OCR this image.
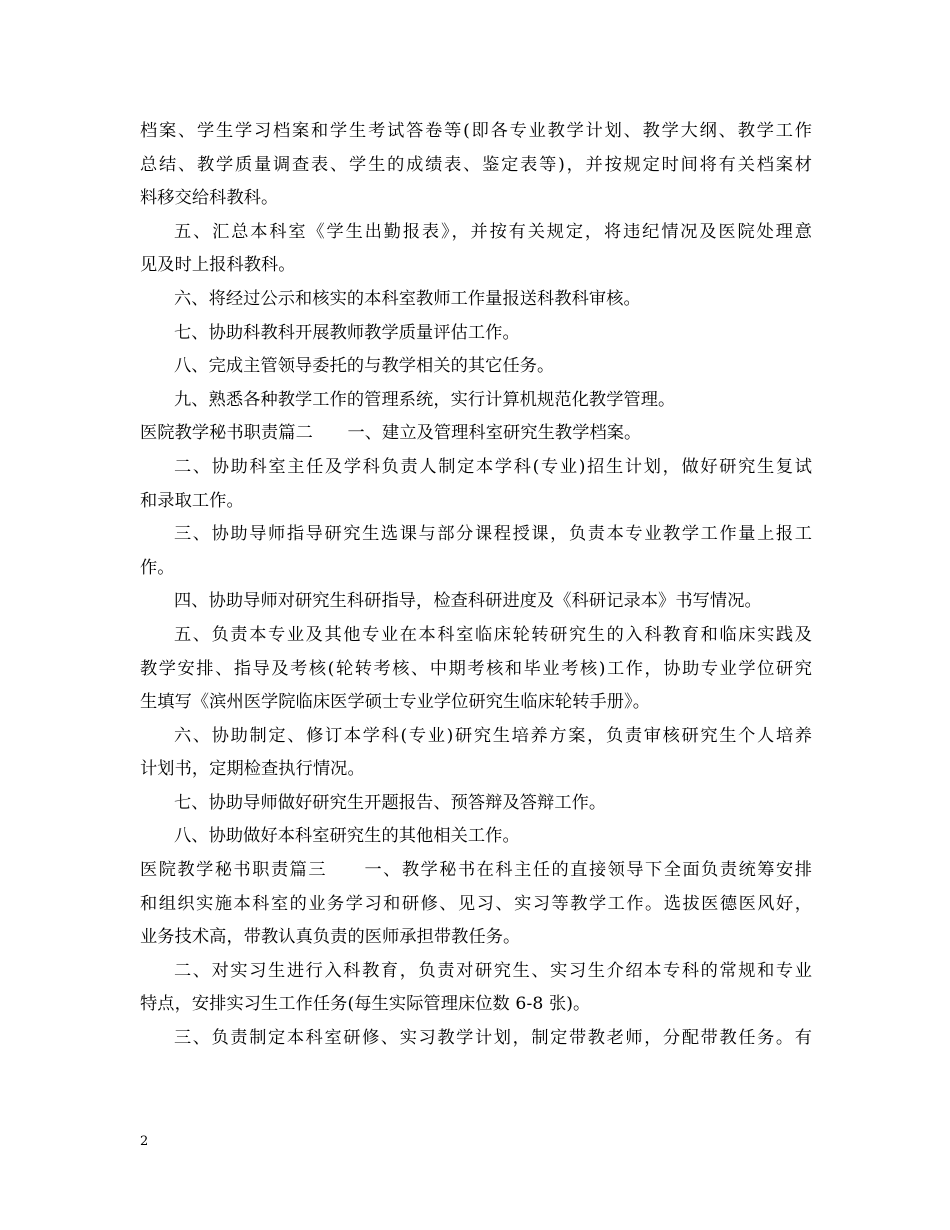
档案、学生学习档案和学生考试答卷等(即各专业教学计划、教学大纲、教学工作
总结、教学质量调查表、学生的成绩表、鉴定表等)，并按规定时间将有关档案材
料移交给科教科。
五、汇总本科室《学生出勤报表》，并按有关规定，将违纪情况及医院处理意
见及时上报科教科。
六、将经过公示和核实的本科室教师工作量报送科教科审核。
七、协助科教科开展教师教学质量评估工作。
八、完成主管领导委托的与教学相关的其它任务。
九、熟悉各种教学工作的管理系统，实行计算机规范化教学管理。
医院教学秘书职责篇二　　一、建立及管理科室研究生教学档案。
二、协助科室主任及学科负责人制定本学科(专业)招生计划，做好研究生复试
和录取工作。
三、协助导师指导研究生选课与部分课程授课，负责本专业教学工作量上报工
作。
四、协助导师对研究生科研指导，检查科研进度及《科研记录本》书写情况。
五、负责本专业及其他专业在本科室临床轮转研究生的入科教育和临床实践及
教学安排、指导及考核(轮转考核、中期考核和毕业考核)工作，协助专业学位研究
生填写《滨州医学院临床医学硕士专业学位研究生临床轮转手册》。
六、协助制定、修订本学科(专业)研究生培养方案，负责审核研究生个人培养
计划书，定期检查执行情况。
七、协助导师做好研究生开题报告、预答辩及答辩工作。
八、协助做好本科室研究生的其他相关工作。
医院教学秘书职责篇三　　一、教学秘书在科主任的直接领导下全面负责统筹安排
和组织实施本科室的业务学习和研修、见习、实习等教学工作。选拔医德医风好，
业务技术高，带教认真负责的医师承担带教任务。
二、对实习生进行入科教育，负责对研究生、实习生介绍本专科的常规和专业
特点，安排实习生工作任务(每生实际管理床位数 6-8 张)。
三、负责制定本科室研修、实习教学计划，制定带教老师，分配带教任务。有
2
